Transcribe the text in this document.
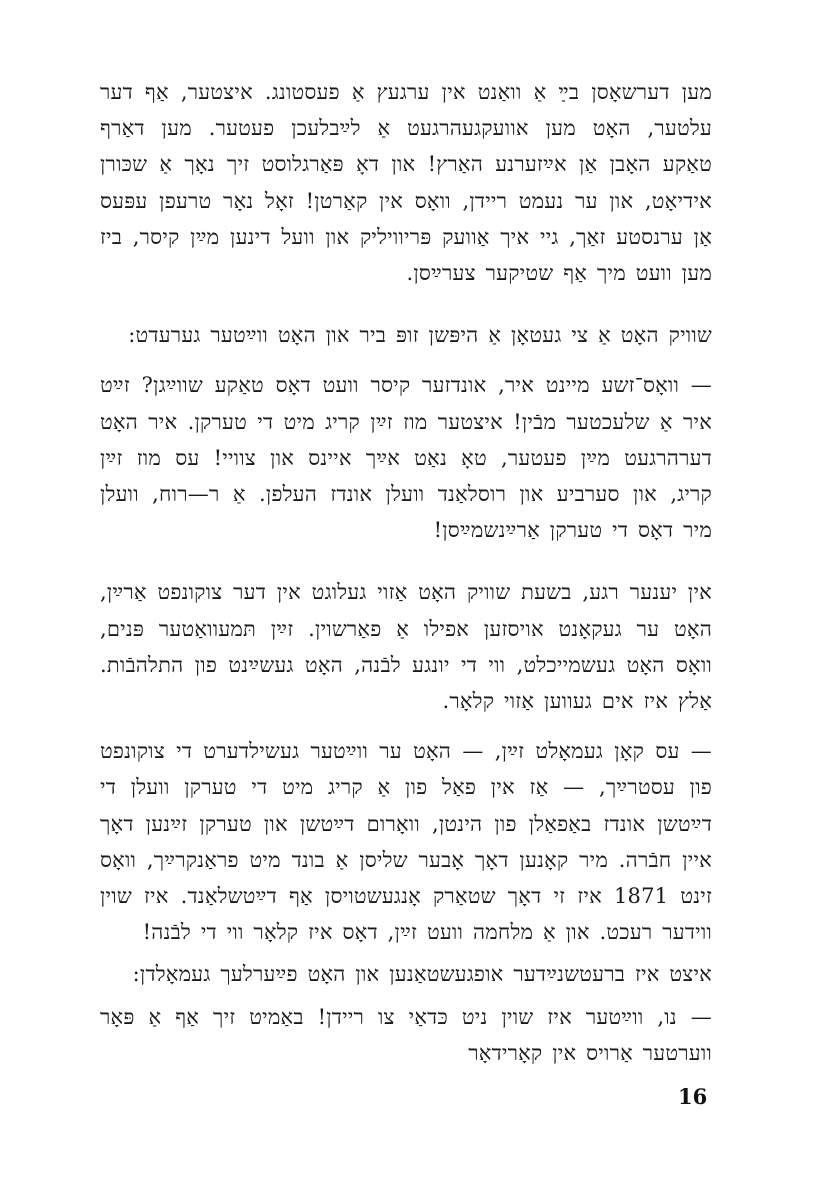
מען דערשאָסן בײַ אַ וואַנט אין ערגעץ אַ פעסטונג. איצטער, אַף דער עלטער, האָט מען אוועקגעהרגעט אַ לײַבלעכן פעטער. מען דאַרף טאַקע האָבן אַן אײַזערנע האַרץ! און דאָ פּאַרגלוסט זיך נאָך אַ שכּורן אידיאָט, און ער נעמט ריידן, וואָס אין קאַרטן! זאָל נאָר טרעפן עפּעס אַן ערנסטע זאַך, גיי איך אַוועק פּריוויליק און וועל דינען מײַן קיסר, ביז מען וועט מיך אַף שטיקער צערײַסן.

שוויק האָט אַ צי געטאָן אַ היפּשן זופּ ביר און האָט ווײַטער גערעדט:

— וואָס־זשע מיינט איר, אונדזער קיסר וועט דאָס טאַקע שווײַגן? זײַט איר אַ שלעכטער מבֿין! איצטער מוז זײַן קריג מיט די טערקן. איר האָט דערהרגעט מײַן פעטער, טאָ נאַט אײַך איינס און צוויי! עס מוז זײַן קריג, און סערביע און רוסלאַנד וועלן אונדז העלפן. אַ ר—רוח, וועלן מיר דאָס די טערקן אַרײַנשמײַסן!

אין יענער רגע, בשעת שוויק האָט אַזוי געלוגט אין דער צוקונפט אַרײַן, האָט ער געקאָנט אויסזען אפילו אַ פאַרשוין. זײַן תּמעוואַטער פּנים, וואָס האָט געשמייכלט, ווי די יונגע לבֿנה, האָט געשײַנט פון התלהבֿות. אַלץ איז אים געווען אַזוי קלאָר.

— עס קאָן געמאָלט זײַן, — האָט ער ווײַטער געשילדערט די צוקונפט פון עסטרײַך, — אַז אין פאַל פון אַ קריג מיט די טערקן וועלן די דײַטשן אונדז באַפאַלן פון הינטן, וואָרום דײַטשן און טערקן זײַנען דאָך איין חבֿרה. מיר קאָנען דאָך אָבער שליסן אַ בונד מיט פראַנקרײַך, וואָס זינט 1871 איז זי דאָך שטאַרק אָנגעשטויסן אַף דײַטשלאַנד. איז שוין ווידער רעכט. און אַ מלחמה וועט זײַן, דאָס איז קלאָר ווי די לבֿנה!

איצט איז ברעטשנײַדער אופגעשטאַנען און האָט פײַערלעך געמאָלדן:

— נו, ווײַטער איז שוין ניט כּדאַי צו ריידן! באַמיט זיך אַף אַ פּאָר ווערטער אַרויס אין קאָרידאָר

16
